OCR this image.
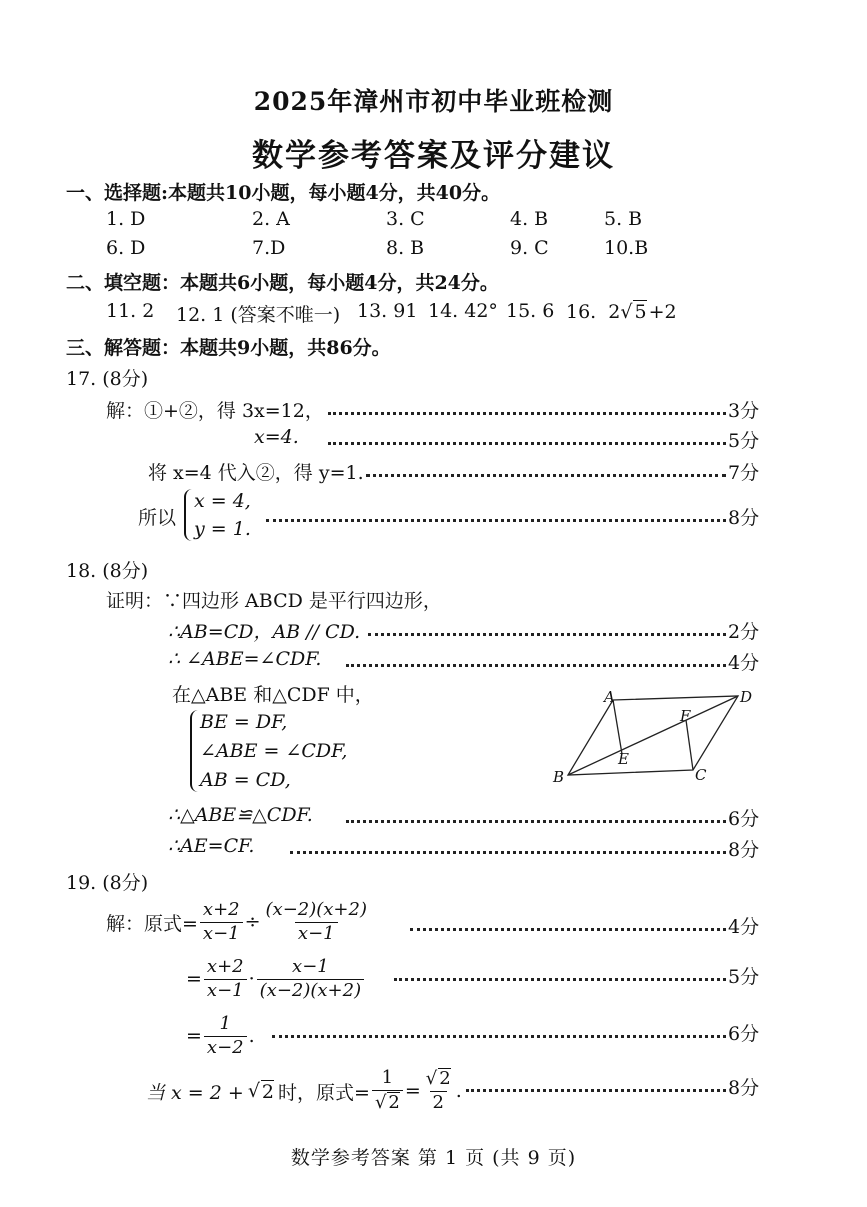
2025年漳州市初中毕业班检测
数学参考答案及评分建议
一、选择题:本题共10小题，每小题4分，共40分。
1. D	2. A	3. C	4. B	5. B
6. D	7.D	8. B	9. C	10.B
二、填空题：本题共6小题，每小题4分，共24分。
11. 2 12. 1 (答案不唯一) 13. 91 14. 42° 15. 6 16. 2√ 5 +2
三、解答题：本题共9小题，共86分。
17. (8分)
解：①+②，得 3x=12，	3分
x=4.	5分
将 x=4 代入②，得 y=1.	7分
所以
x = 4,
y = 1.	8分
18. (8分)
证明：∵四边形 ABCD 是平行四边形，
∴AB=CD，AB // CD.	2分
∴ ∠ABE=∠CDF.	4分
在△ABE 和△CDF 中，
BE = DF,
∠ABE = ∠CDF,
AB = CD,
A	D
F
E
B	C
∴△ABE≌△CDF.	6分
∴AE=CF.	8分
19. (8分)
解：原式= $\frac{x+2}{x-1} \div \frac{(x-2)(x+2)}{x-1}$	4分
= $\frac{x+2}{x-1} \cdot \frac{x-1}{(x-2)(x+2)}$	5分
= $\frac{1}{x-2}$ .	6分
当 x = 2 + √ 2 时，原式= $\frac{1}{√ 2} = \frac{√ 2}{2}$ .	8分
数学参考答案 第 1 页 (共 9 页)
